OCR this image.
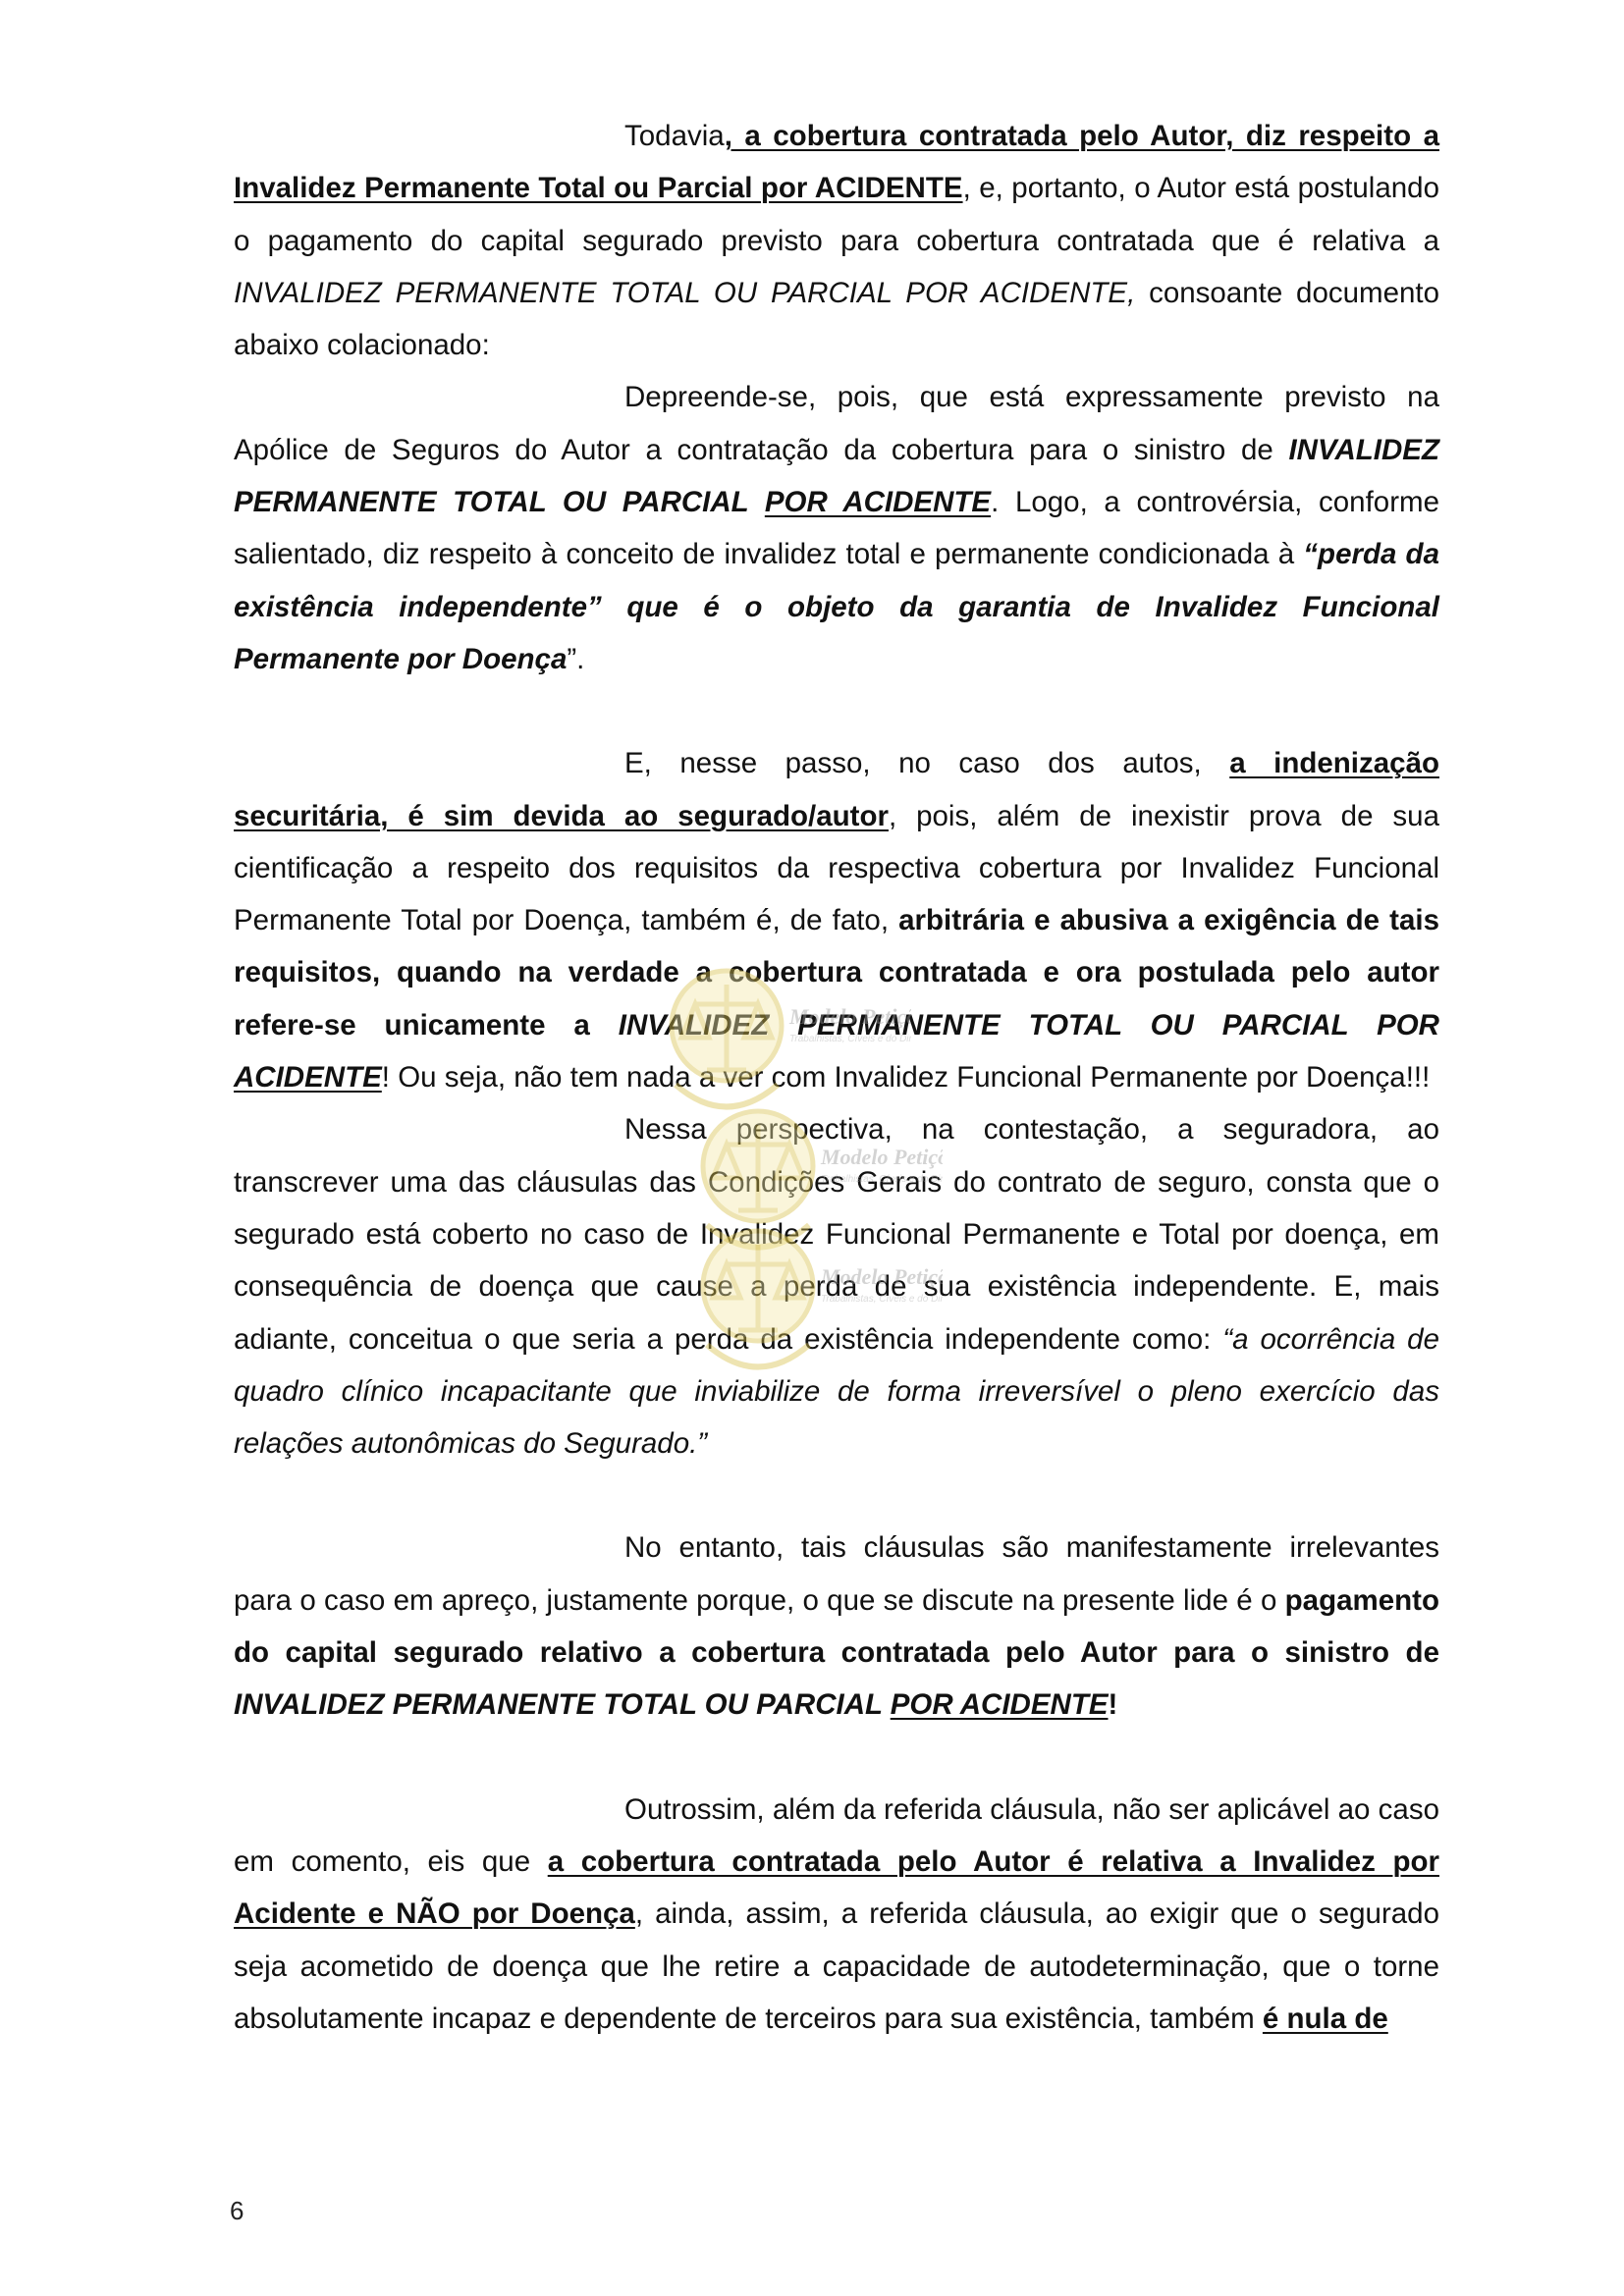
Todavia, a cobertura contratada pelo Autor, diz respeito a Invalidez Permanente Total ou Parcial por ACIDENTE, e, portanto, o Autor está postulando o pagamento do capital segurado previsto para cobertura contratada que é relativa a INVALIDEZ PERMANENTE TOTAL OU PARCIAL POR ACIDENTE, consoante documento abaixo colacionado:

Depreende-se, pois, que está expressamente previsto na Apólice de Seguros do Autor a contratação da cobertura para o sinistro de INVALIDEZ PERMANENTE TOTAL OU PARCIAL POR ACIDENTE. Logo, a controvérsia, conforme salientado, diz respeito à conceito de invalidez total e permanente condicionada à “perda da existência independente” que é o objeto da garantia de Invalidez Funcional Permanente por Doença”.

E, nesse passo, no caso dos autos, a indenização securitária, é sim devida ao segurado/autor, pois, além de inexistir prova de sua cientificação a respeito dos requisitos da respectiva cobertura por Invalidez Funcional Permanente Total por Doença, também é, de fato, arbitrária e abusiva a exigência de tais requisitos, quando na verdade a cobertura contratada e ora postulada pelo autor refere-se unicamente a INVALIDEZ PERMANENTE TOTAL OU PARCIAL POR ACIDENTE! Ou seja, não tem nada a ver com Invalidez Funcional Permanente por Doença!!!

Nessa perspectiva, na contestação, a seguradora, ao transcrever uma das cláusulas das Condições Gerais do contrato de seguro, consta que o segurado está coberto no caso de Invalidez Funcional Permanente e Total por doença, em consequência de doença que cause a perda de sua existência independente. E, mais adiante, conceitua o que seria a perda da existência independente como: “a ocorrência de quadro clínico incapacitante que inviabilize de forma irreversível o pleno exercício das relações autonômicas do Segurado.”

No entanto, tais cláusulas são manifestamente irrelevantes para o caso em apreço, justamente porque, o que se discute na presente lide é o pagamento do capital segurado relativo a cobertura contratada pelo Autor para o sinistro de INVALIDEZ PERMANENTE TOTAL OU PARCIAL POR ACIDENTE!

Outrossim, além da referida cláusula, não ser aplicável ao caso em comento, eis que a cobertura contratada pelo Autor é relativa a Invalidez por Acidente e NÃO por Doença, ainda, assim, a referida cláusula, ao exigir que o segurado seja acometido de doença que lhe retire a capacidade de autodeterminação, que o torne absolutamente incapaz e dependente de terceiros para sua existência, também é nula de

Modelo Petiç
Trabalhistas, Cíveis e do Dir
Modelo Petiç
Trabalhistas, Cíveis e do Dir
Modelo Petiç
Trabalhistas, Cíveis e do Dir
6
